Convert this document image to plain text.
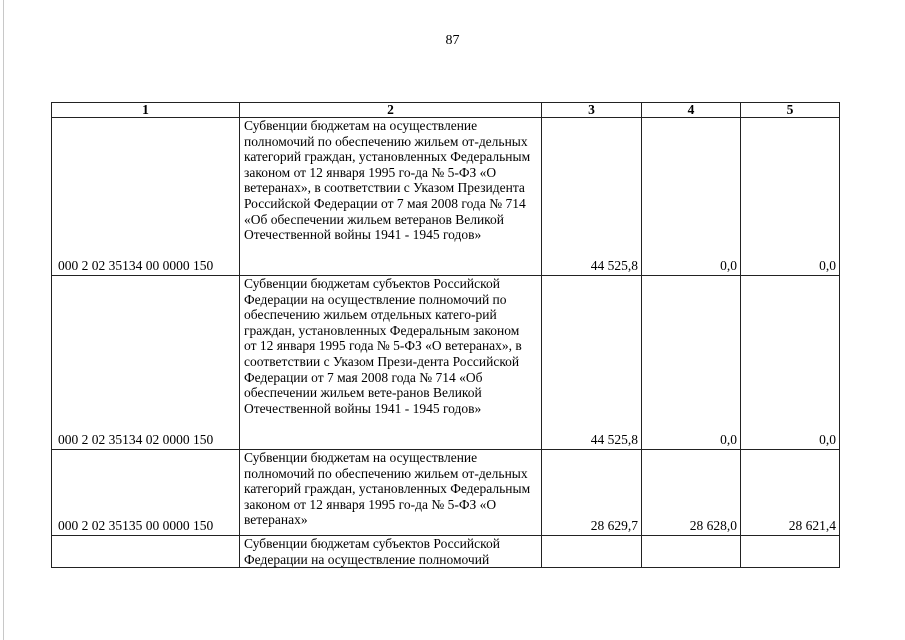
87
1	2	3	4	5
000 2 02 35134 00 0000 150	Субвенции бюджетам на осуществление полномочий по обеспечению жильем от-дельных категорий граждан, установленных Федеральным законом от 12 января 1995 го-да № 5-ФЗ «О ветеранах», в соответствии с Указом Президента Российской Федерации от 7 мая 2008 года № 714 «Об обеспечении жильем ветеранов Великой Отечественной войны 1941 - 1945 годов»	44 525,8	0,0	0,0
000 2 02 35134 02 0000 150	Субвенции бюджетам субъектов Российской Федерации на осуществление полномочий по обеспечению жильем отдельных катего-рий граждан, установленных Федеральным законом от 12 января 1995 года № 5-ФЗ «О ветеранах», в соответствии с Указом Прези-дента Российской Федерации от 7 мая 2008 года № 714 «Об обеспечении жильем вете-ранов Великой Отечественной войны 1941 - 1945 годов»	44 525,8	0,0	0,0
000 2 02 35135 00 0000 150	Субвенции бюджетам на осуществление полномочий по обеспечению жильем от-дельных категорий граждан, установленных Федеральным законом от 12 января 1995 го-да № 5-ФЗ «О ветеранах»	28 629,7	28 628,0	28 621,4
	Субвенции бюджетам субъектов Российской Федерации на осуществление полномочий			
